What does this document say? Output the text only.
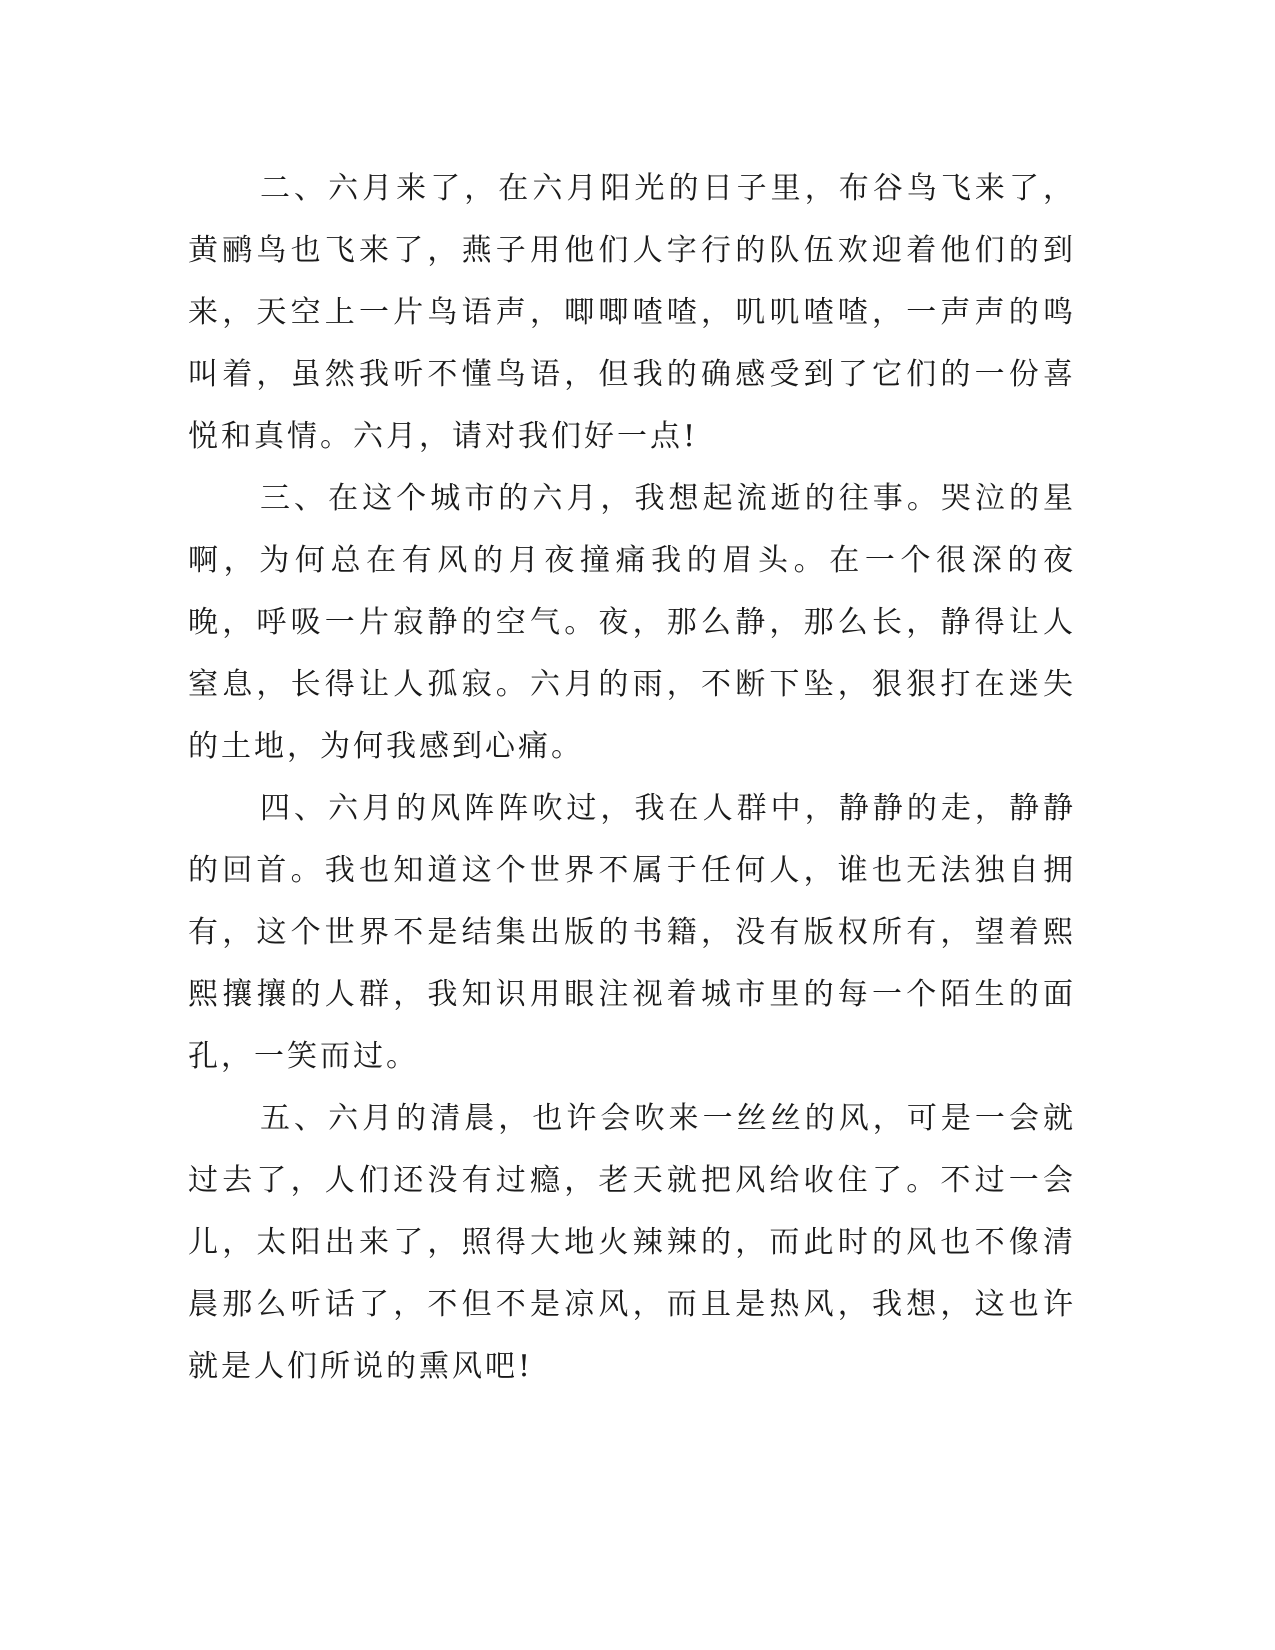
二、六月来了，在六月阳光的日子里，布谷鸟飞来了，黄鹂鸟也飞来了，燕子用他们人字行的队伍欢迎着他们的到来，天空上一片鸟语声，唧唧喳喳，叽叽喳喳，一声声的鸣叫着，虽然我听不懂鸟语，但我的确感受到了它们的一份喜悦和真情。六月，请对我们好一点!

三、在这个城市的六月，我想起流逝的往事。哭泣的星啊，为何总在有风的月夜撞痛我的眉头。在一个很深的夜晚，呼吸一片寂静的空气。夜，那么静，那么长，静得让人窒息，长得让人孤寂。六月的雨，不断下坠，狠狠打在迷失的土地，为何我感到心痛。

四、六月的风阵阵吹过，我在人群中，静静的走，静静的回首。我也知道这个世界不属于任何人，谁也无法独自拥有，这个世界不是结集出版的书籍，没有版权所有，望着熙熙攘攘的人群，我知识用眼注视着城市里的每一个陌生的面孔，一笑而过。

五、六月的清晨，也许会吹来一丝丝的风，可是一会就过去了，人们还没有过瘾，老天就把风给收住了。不过一会儿，太阳出来了，照得大地火辣辣的，而此时的风也不像清晨那么听话了，不但不是凉风，而且是热风，我想，这也许就是人们所说的熏风吧!
